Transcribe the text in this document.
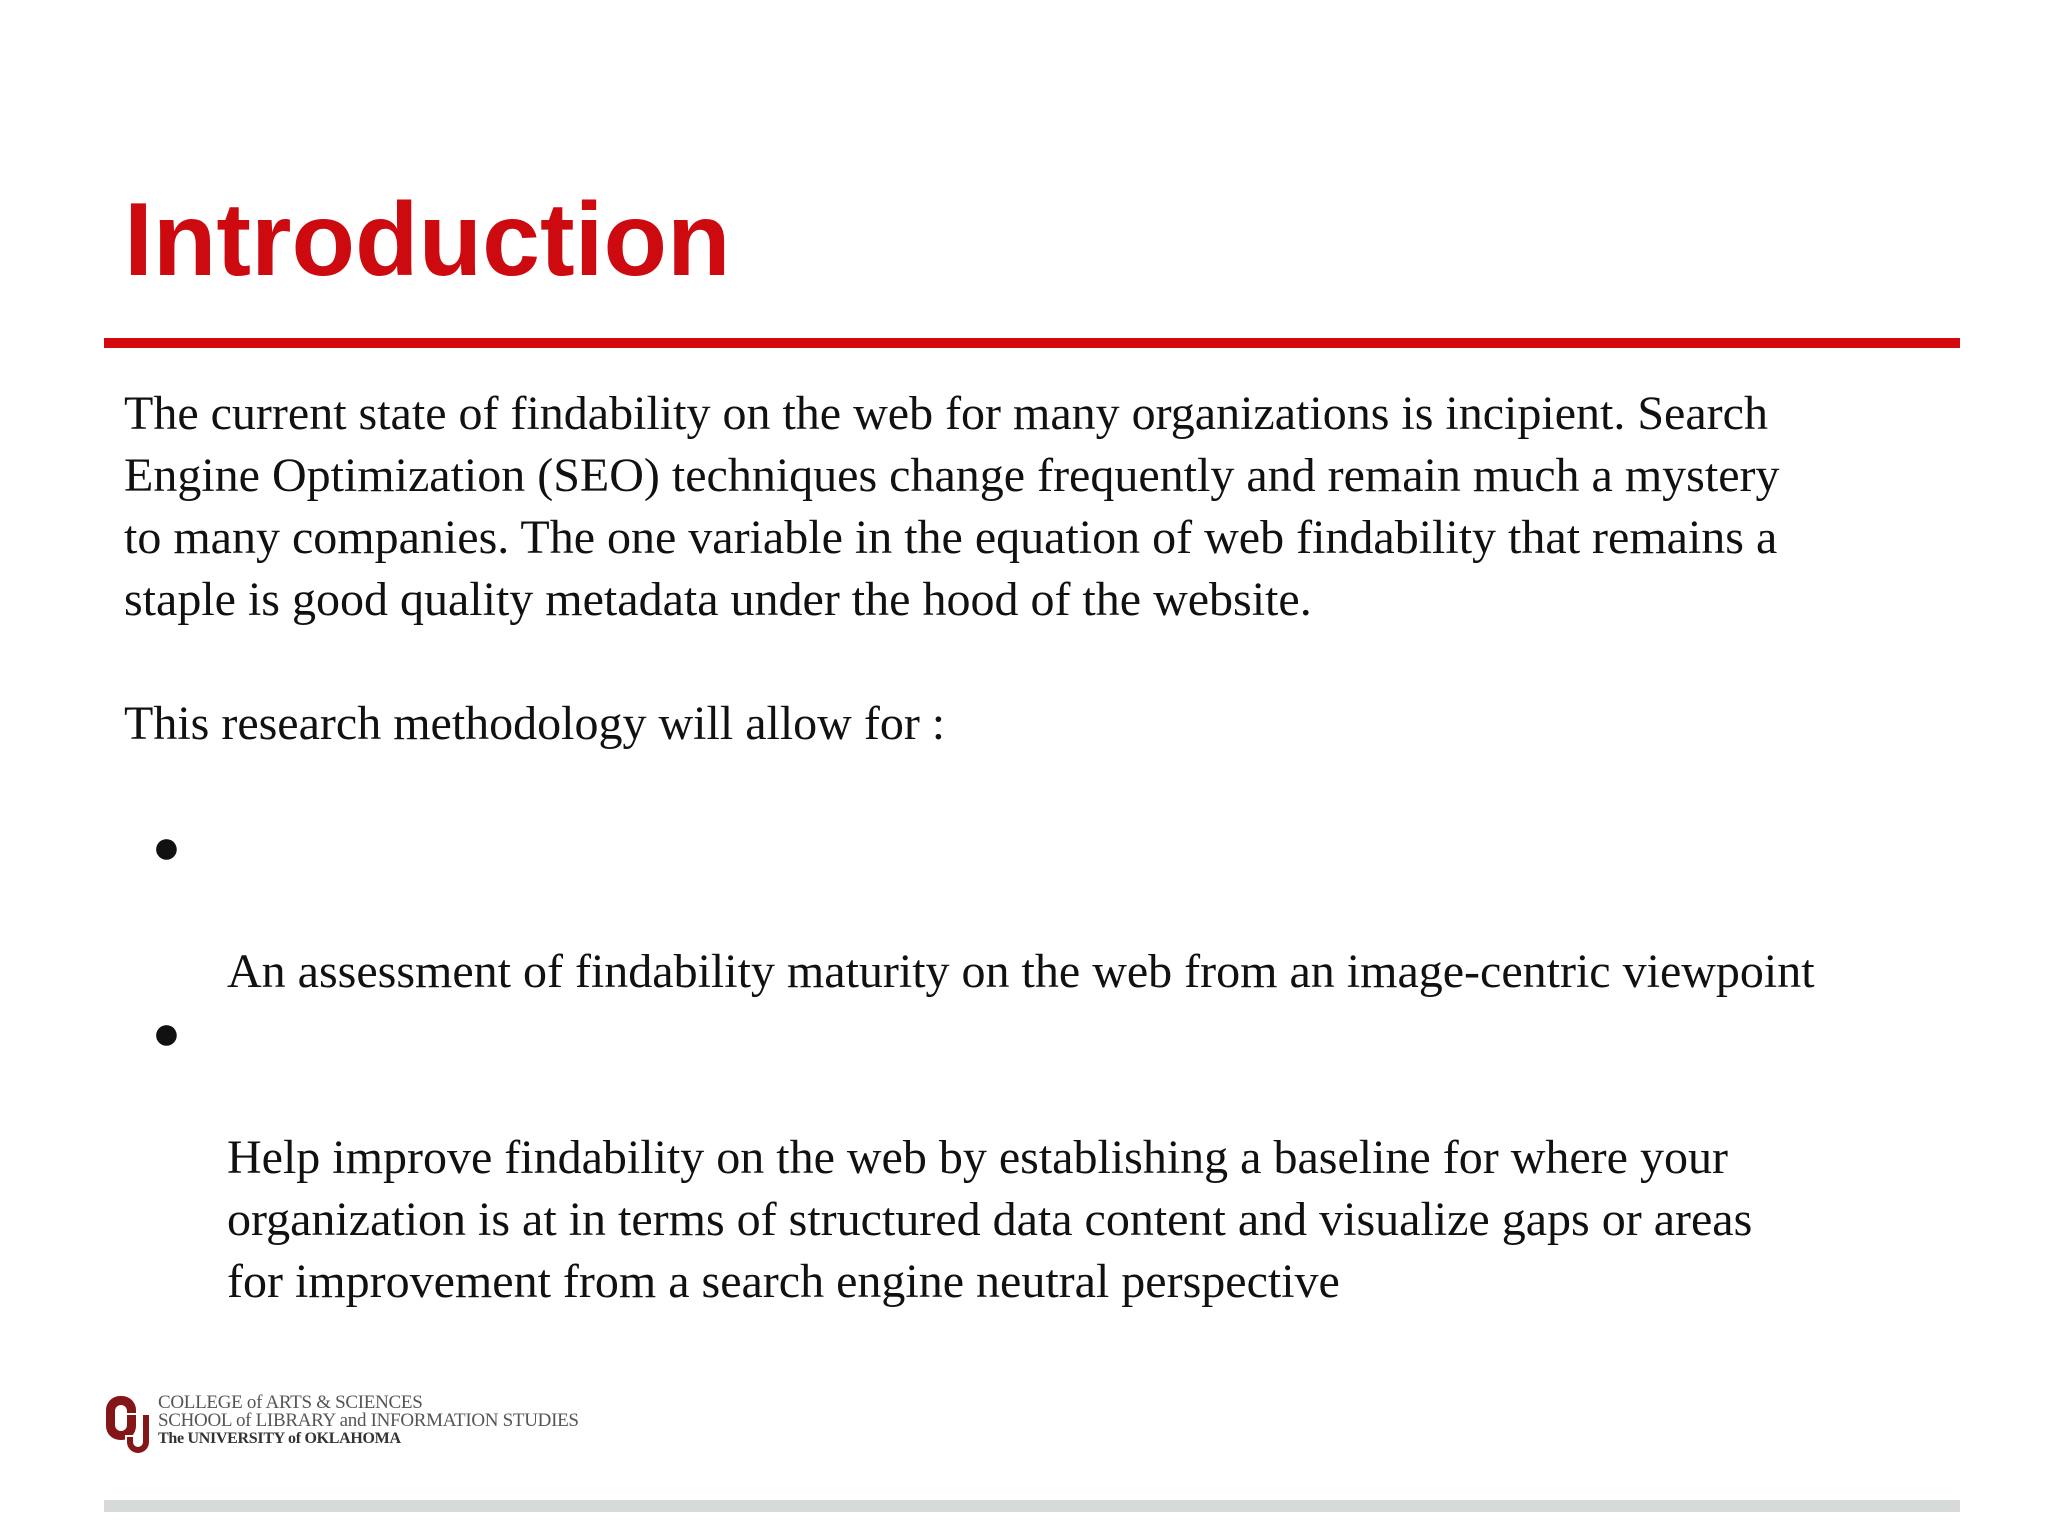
Introduction

The current state of findability on the web for many organizations is incipient. Search
Engine Optimization (SEO) techniques change frequently and remain much a mystery
to many companies. The one variable in the equation of web findability that remains a
staple is good quality metadata under the hood of the website.

This research methodology will allow for :

●

An assessment of findability maturity on the web from an image-centric viewpoint

●

Help improve findability on the web by establishing a baseline for where your
organization is at in terms of structured data content and visualize gaps or areas
for improvement from a search engine neutral perspective

COLLEGE of ARTS & SCIENCES
SCHOOL of LIBRARY and INFORMATION STUDIES
The UNIVERSITY of OKLAHOMA
